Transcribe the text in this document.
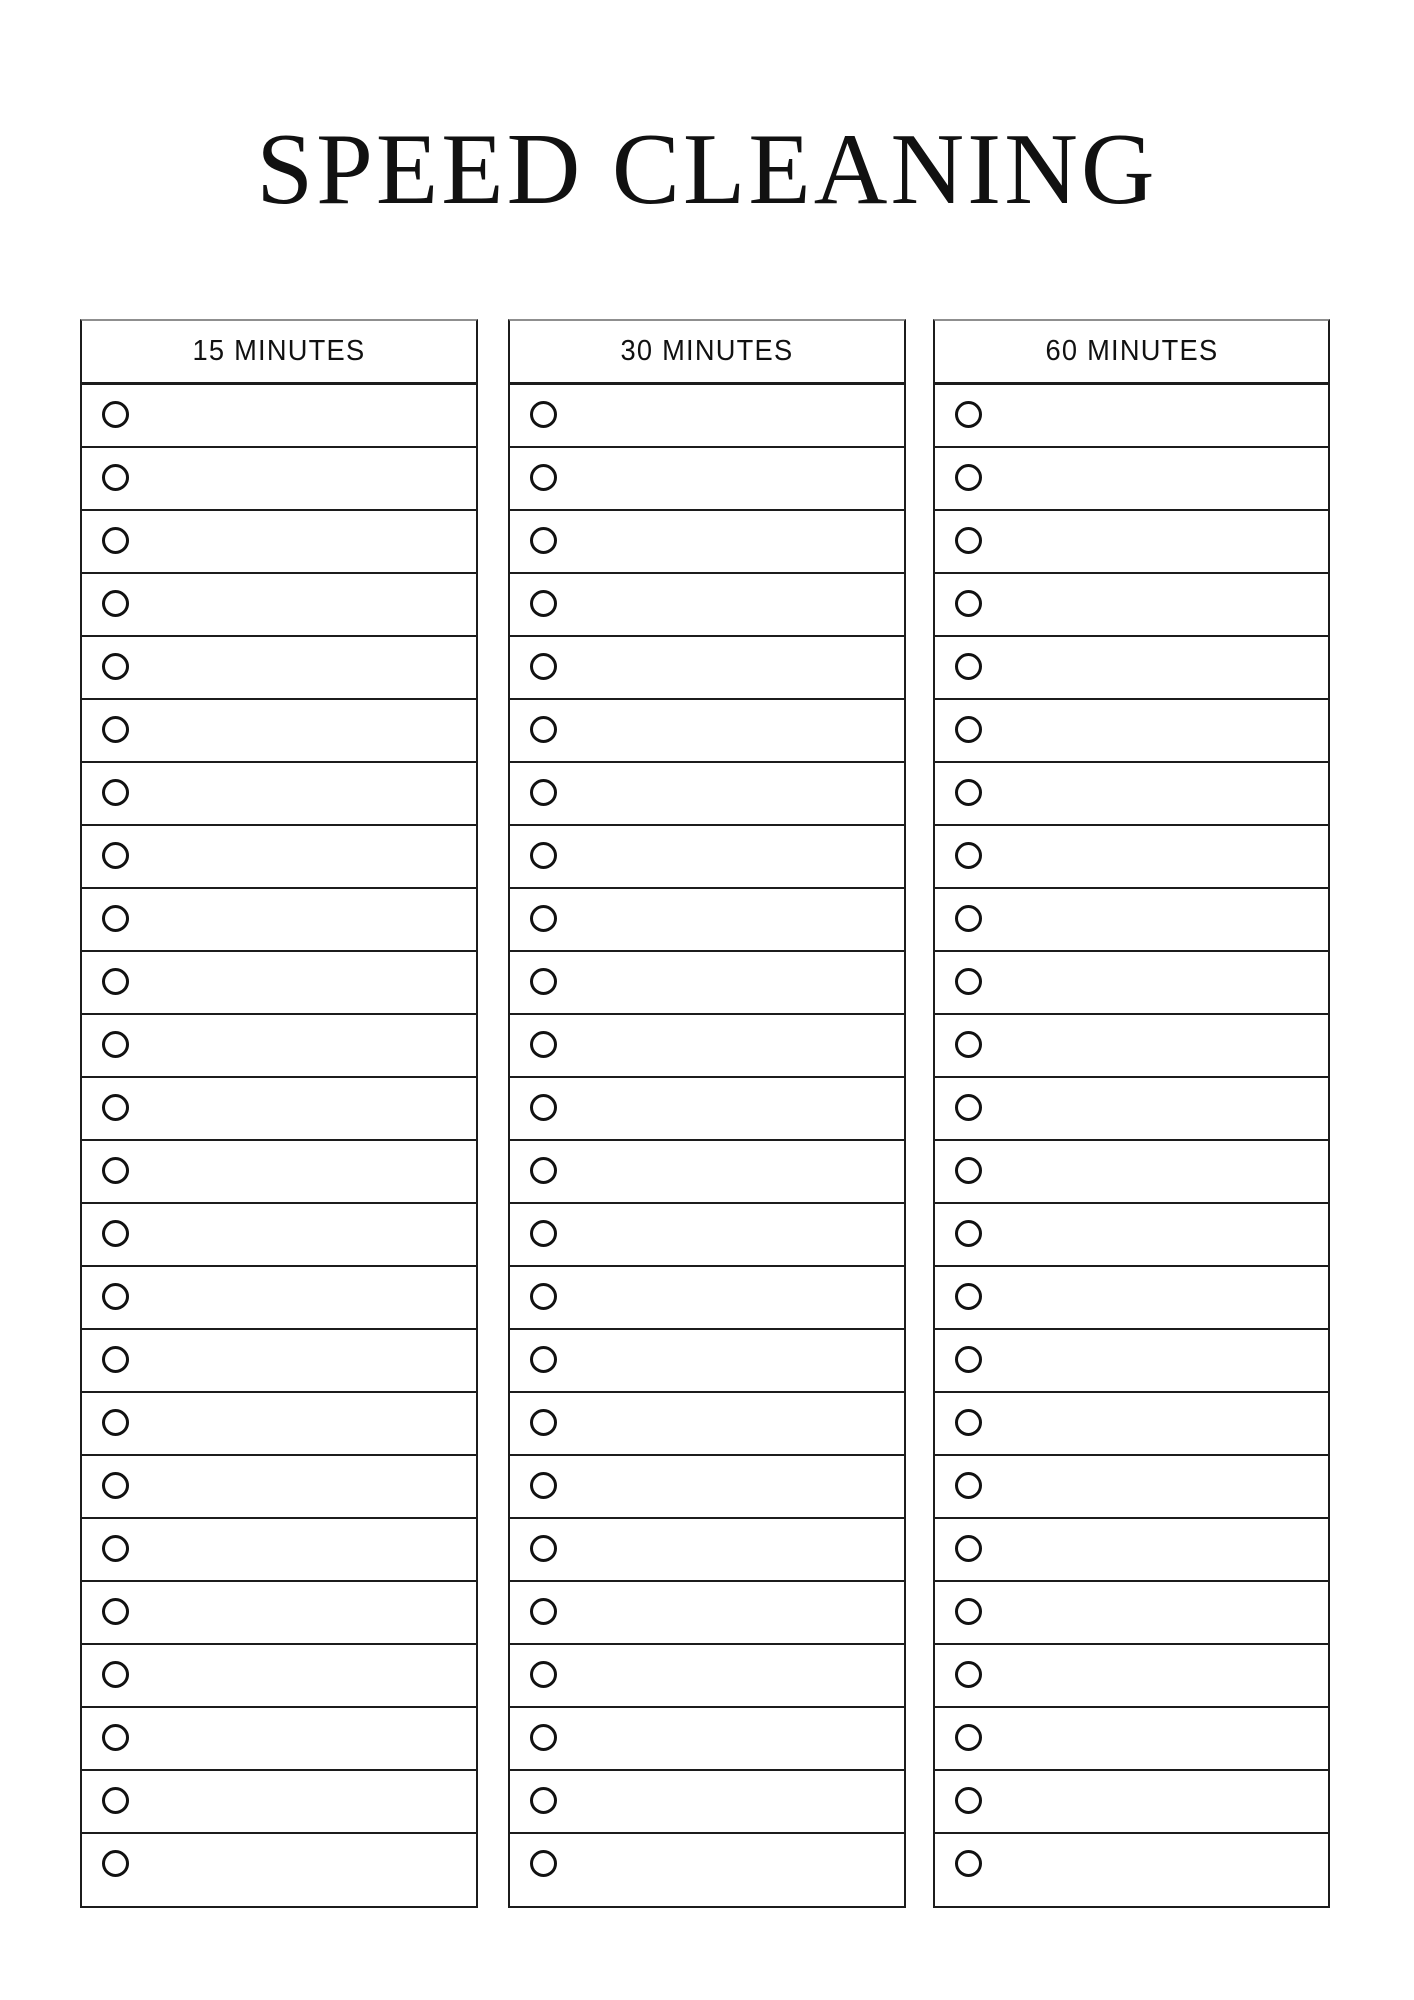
SPEED CLEANING
15 MINUTES	30 MINUTES	60 MINUTES
